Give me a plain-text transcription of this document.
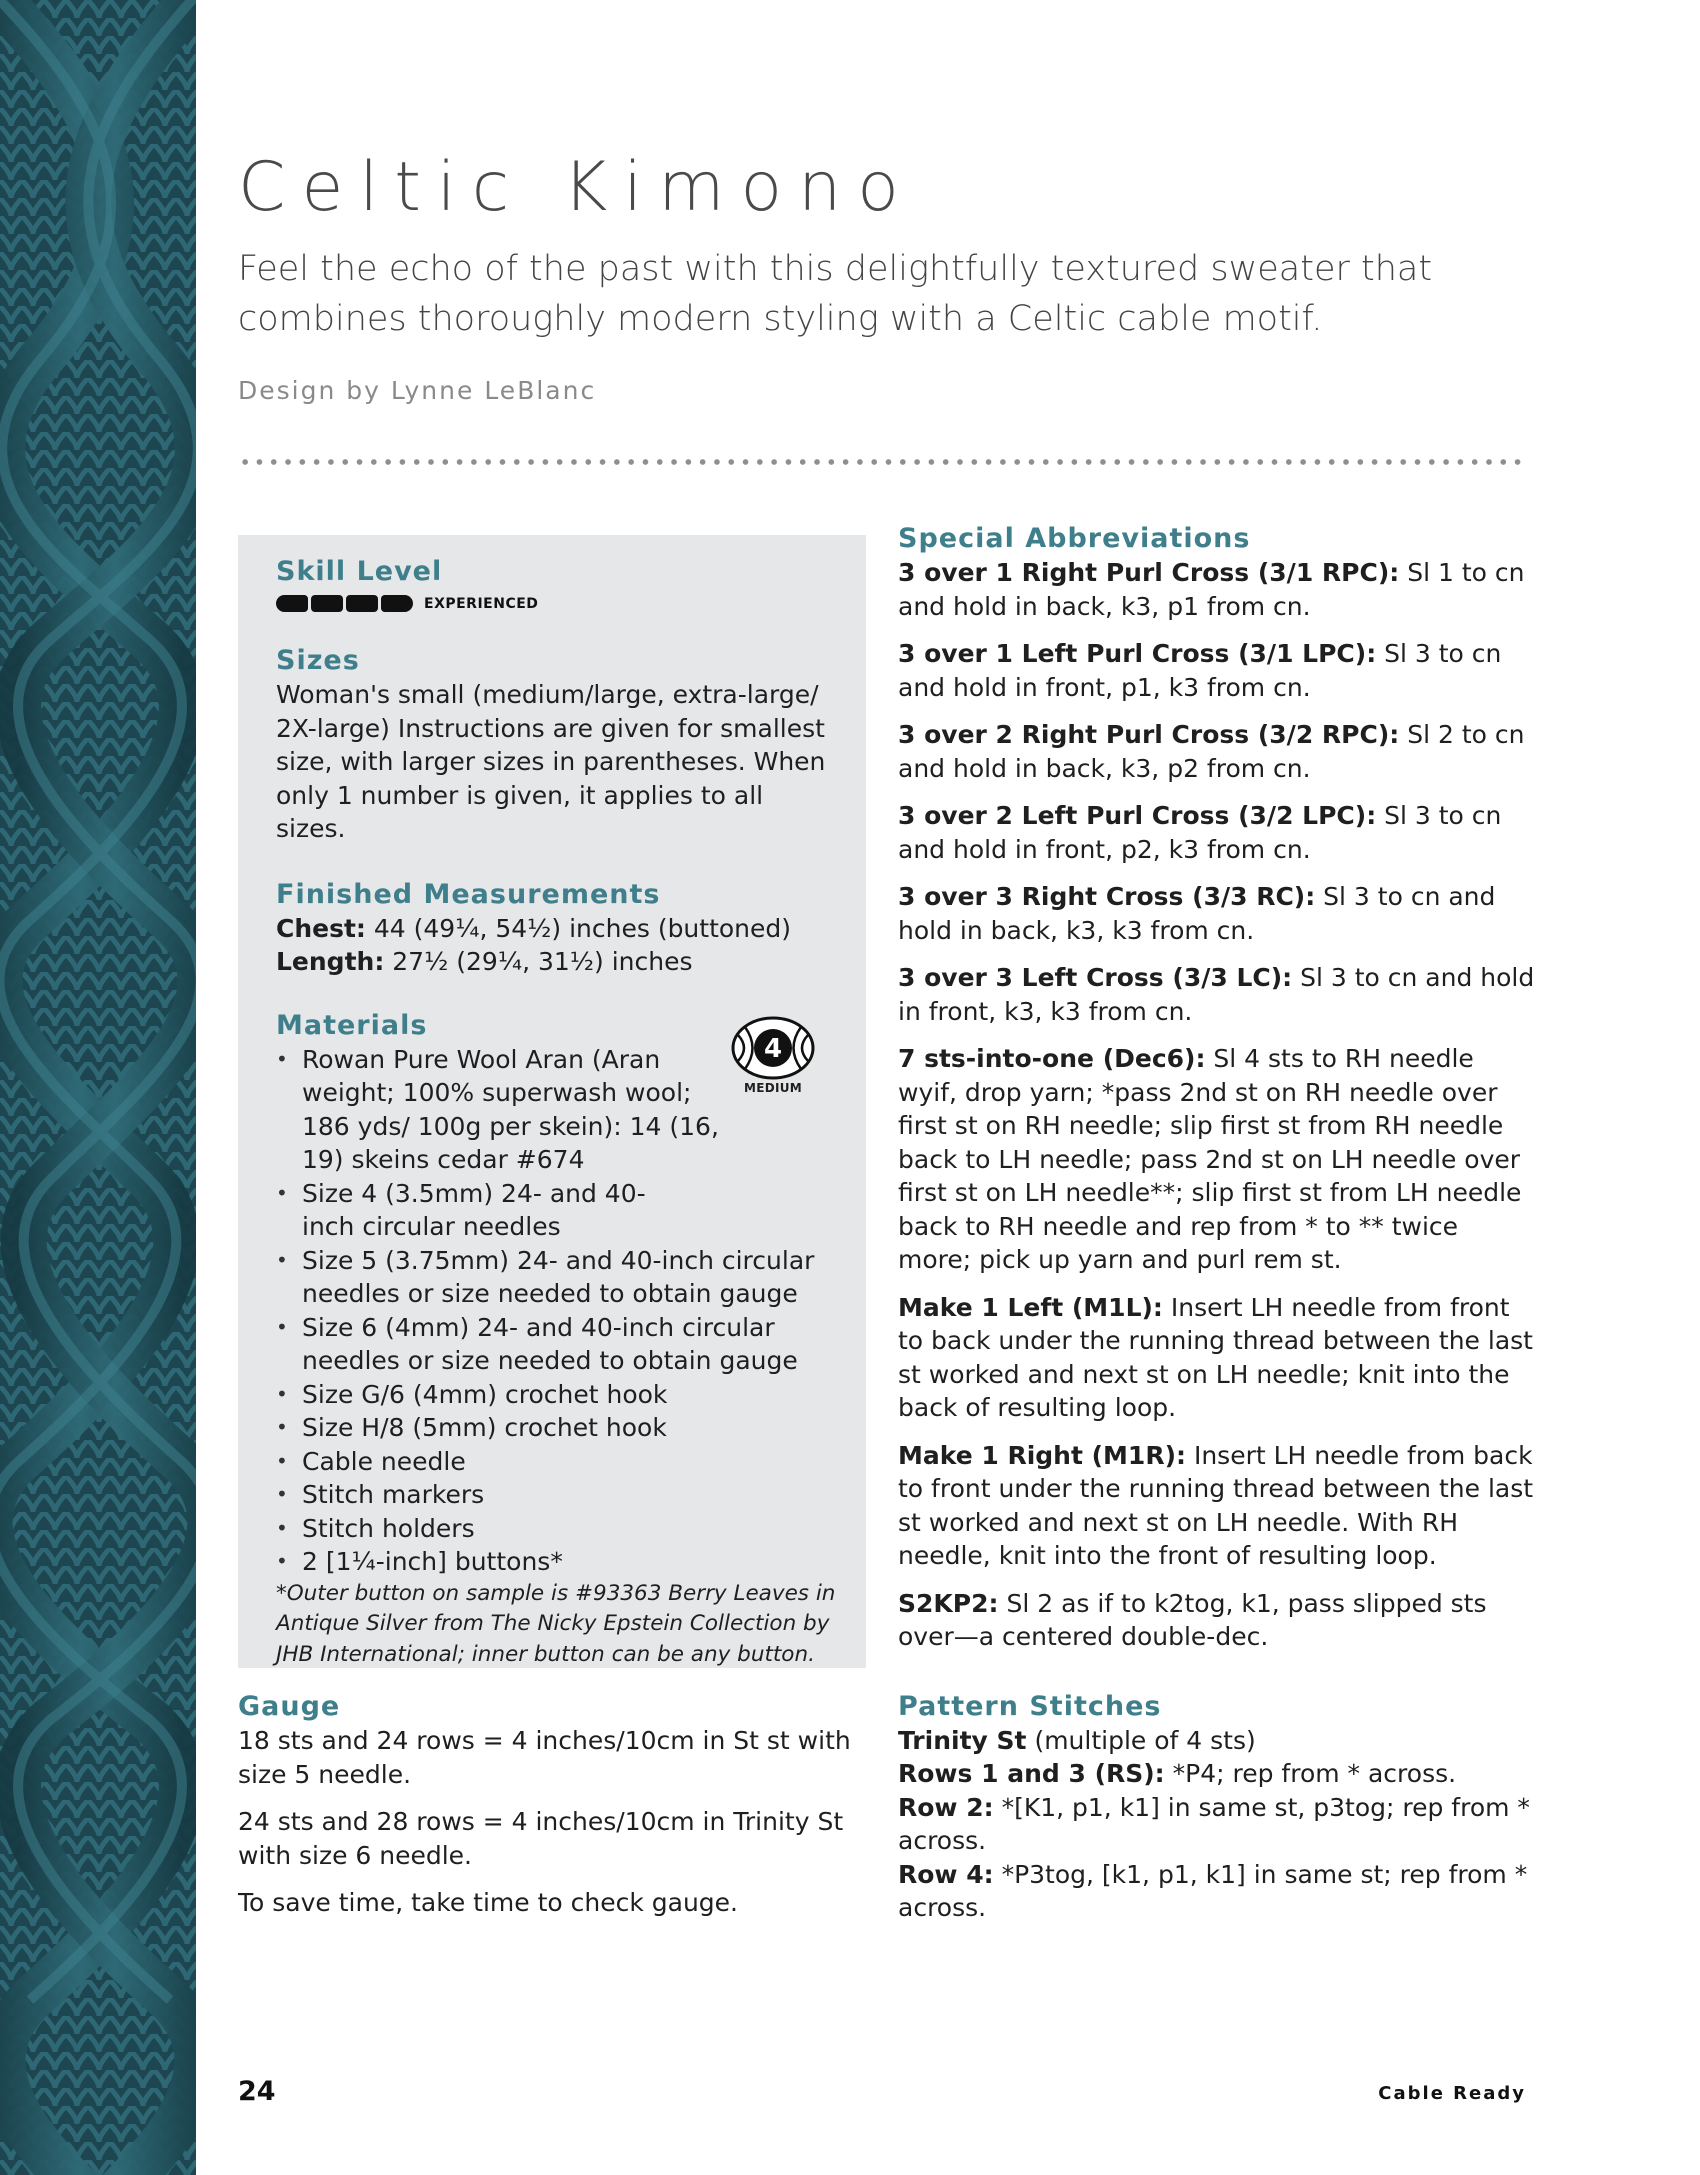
Celtic Kimono

Feel the echo of the past with this delightfully textured sweater that combines thoroughly modern styling with a Celtic cable motif.

Design by Lynne LeBlanc

Skill Level
EXPERIENCED
Sizes

Woman's small (medium/large, extra-large/ 2X-large) Instructions are given for smallest size, with larger sizes in parentheses. When only 1 number is given, it applies to all sizes.

Finished Measurements

Chest: 44 (49¼, 54½) inches (buttoned)

Length: 27½ (29¼, 31½) inches

Materials
4
MEDIUM
• Rowan Pure Wool Aran (Aran weight; 100% superwash wool; 186 yds/ 100g per skein): 14 (16, 19) skeins cedar #674
• Size 4 (3.5mm) 24- and 40-inch circular needles
• Size 5 (3.75mm) 24- and 40-inch circular needles or size needed to obtain gauge
• Size 6 (4mm) 24- and 40-inch circular needles or size needed to obtain gauge
• Size G/6 (4mm) crochet hook
• Size H/8 (5mm) crochet hook
• Cable needle
• Stitch markers
• Stitch holders
• 2 [1¼-inch] buttons*

*Outer button on sample is #93363 Berry Leaves in Antique Silver from The Nicky Epstein Collection by JHB International; inner button can be any button.

Gauge

18 sts and 24 rows = 4 inches/10cm in St st with size 5 needle.

24 sts and 28 rows = 4 inches/10cm in Trinity St with size 6 needle.

To save time, take time to check gauge.

Special Abbreviations

3 over 1 Right Purl Cross (3/1 RPC): Sl 1 to cn and hold in back, k3, p1 from cn.

3 over 1 Left Purl Cross (3/1 LPC): Sl 3 to cn and hold in front, p1, k3 from cn.

3 over 2 Right Purl Cross (3/2 RPC): Sl 2 to cn and hold in back, k3, p2 from cn.

3 over 2 Left Purl Cross (3/2 LPC): Sl 3 to cn and hold in front, p2, k3 from cn.

3 over 3 Right Cross (3/3 RC): Sl 3 to cn and hold in back, k3, k3 from cn.

3 over 3 Left Cross (3/3 LC): Sl 3 to cn and hold in front, k3, k3 from cn.

7 sts-into-one (Dec6): Sl 4 sts to RH needle wyif, drop yarn; *pass 2nd st on RH needle over first st on RH needle; slip first st from RH needle back to LH needle; pass 2nd st on LH needle over first st on LH needle**; slip first st from LH needle back to RH needle and rep from * to ** twice more; pick up yarn and purl rem st.

Make 1 Left (M1L): Insert LH needle from front to back under the running thread between the last st worked and next st on LH needle; knit into the back of resulting loop.

Make 1 Right (M1R): Insert LH needle from back to front under the running thread between the last st worked and next st on LH needle. With RH needle, knit into the front of resulting loop.

S2KP2: Sl 2 as if to k2tog, k1, pass slipped sts over—a centered double-dec.

Pattern Stitches

Trinity St (multiple of 4 sts)

Rows 1 and 3 (RS): *P4; rep from * across.

Row 2: *[K1, p1, k1] in same st, p3tog; rep from * across.

Row 4: *P3tog, [k1, p1, k1] in same st; rep from * across.

24	Cable Ready
